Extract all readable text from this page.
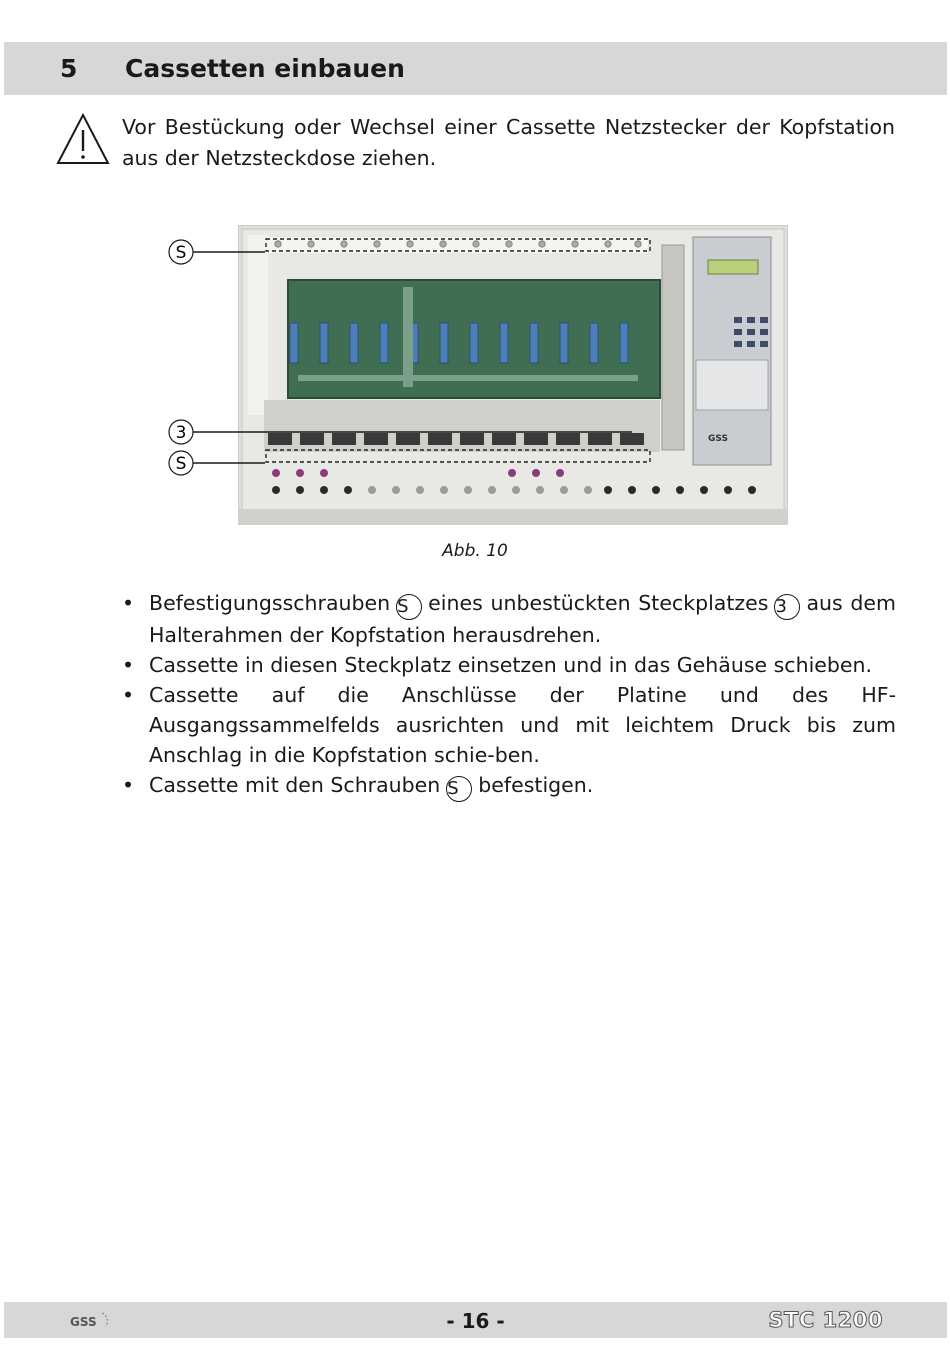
5 Cassetten einbauen
Vor Bestückung oder Wechsel einer Cassette Netzstecker der Kopfstation aus der Netzsteckdose ziehen.
S
3
S
GSS
Abb. 10
• Befestigungsschrauben S eines unbestückten Steckplatzes 3 aus dem Halterahmen der Kopfstation herausdrehen.
• Cassette in diesen Steckplatz einsetzen und in das Gehäuse schieben.
• Cassette auf die Anschlüsse der Platine und des HF-Ausgangssammelfelds ausrichten und mit leichtem Druck bis zum Anschlag in die Kopfstation schie-ben.
• Cassette mit den Schrauben S befestigen.
GSS	- 16 -	STC 1200
